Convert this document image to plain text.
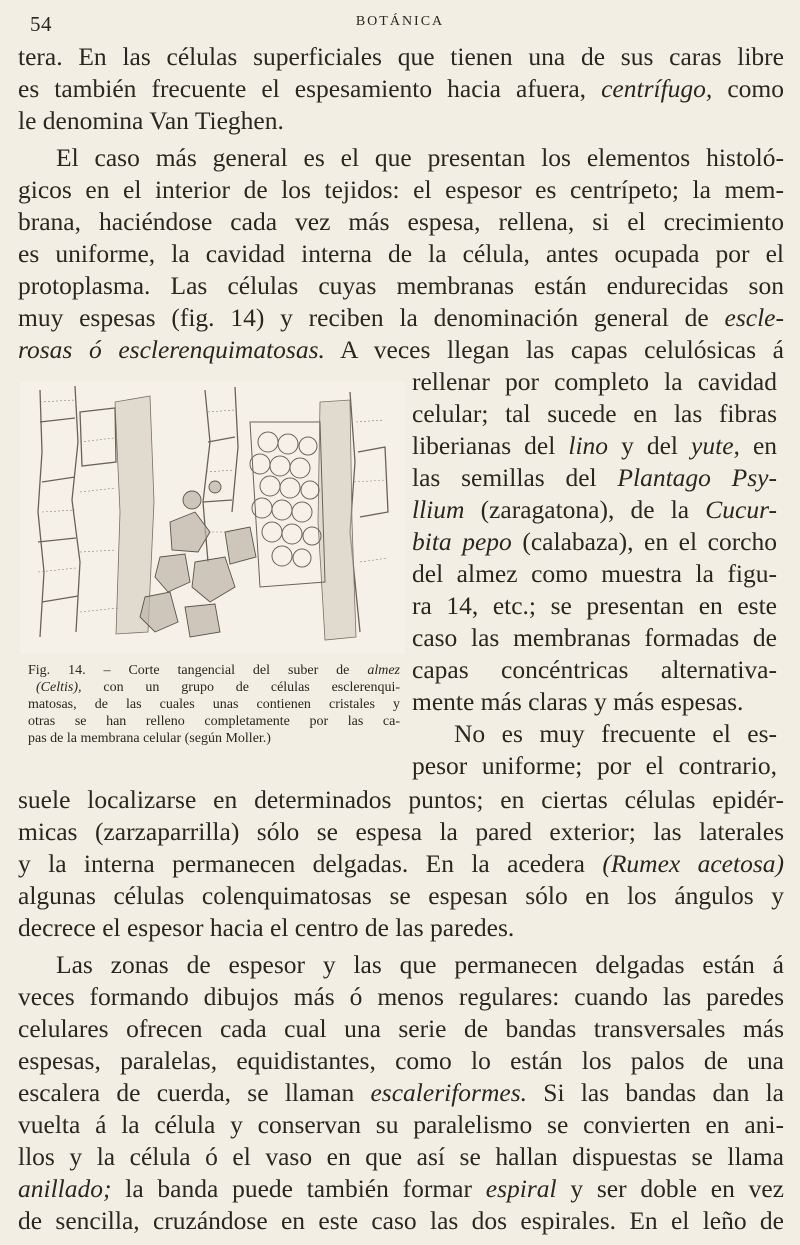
54	BOTÁNICA
tera. En las células superficiales que tienen una de sus caras libre
es también frecuente el espesamiento hacia afuera, centrífugo, como
le denomina Van Tieghen.
El caso más general es el que presentan los elementos histoló-
gicos en el interior de los tejidos: el espesor es centrípeto; la mem-
brana, haciéndose cada vez más espesa, rellena, si el crecimiento
es uniforme, la cavidad interna de la célula, antes ocupada por el
protoplasma. Las células cuyas membranas están endurecidas son
muy espesas (fig. 14) y reciben la denominación general de escle-
rosas ó esclerenquimatosas. A veces llegan las capas celulósicas á
rellenar por completo la cavidad
celular; tal sucede en las fibras
liberianas del lino y del yute, en
las semillas del Plantago Psy-
llium (zaragatona), de la Cucur-
bita pepo (calabaza), en el corcho
del almez como muestra la figu-
ra 14, etc.; se presentan en este
caso las membranas formadas de
capas concéntricas alternativa-
mente más claras y más espesas.
No es muy frecuente el es-
pesor uniforme; por el contrario,
suele localizarse en determinados puntos; en ciertas células epidér-
micas (zarzaparrilla) sólo se espesa la pared exterior; las laterales
y la interna permanecen delgadas. En la acedera (Rumex acetosa)
algunas células colenquimatosas se espesan sólo en los ángulos y
decrece el espesor hacia el centro de las paredes.
Las zonas de espesor y las que permanecen delgadas están á
veces formando dibujos más ó menos regulares: cuando las paredes
celulares ofrecen cada cual una serie de bandas transversales más
espesas, paralelas, equidistantes, como lo están los palos de una
escalera de cuerda, se llaman escaleriformes. Si las bandas dan la
vuelta á la célula y conservan su paralelismo se convierten en ani-
llos y la célula ó el vaso en que así se hallan dispuestas se llama
anillado; la banda puede también formar espiral y ser doble en vez
de sencilla, cruzándose en este caso las dos espirales. En el leño de
Fig. 14. – Corte tangencial del suber de almez
(Celtis), con un grupo de células esclerenqui-
matosas, de las cuales unas contienen cristales y
otras se han relleno completamente por las ca-
pas de la membrana celular (según Moller.)
